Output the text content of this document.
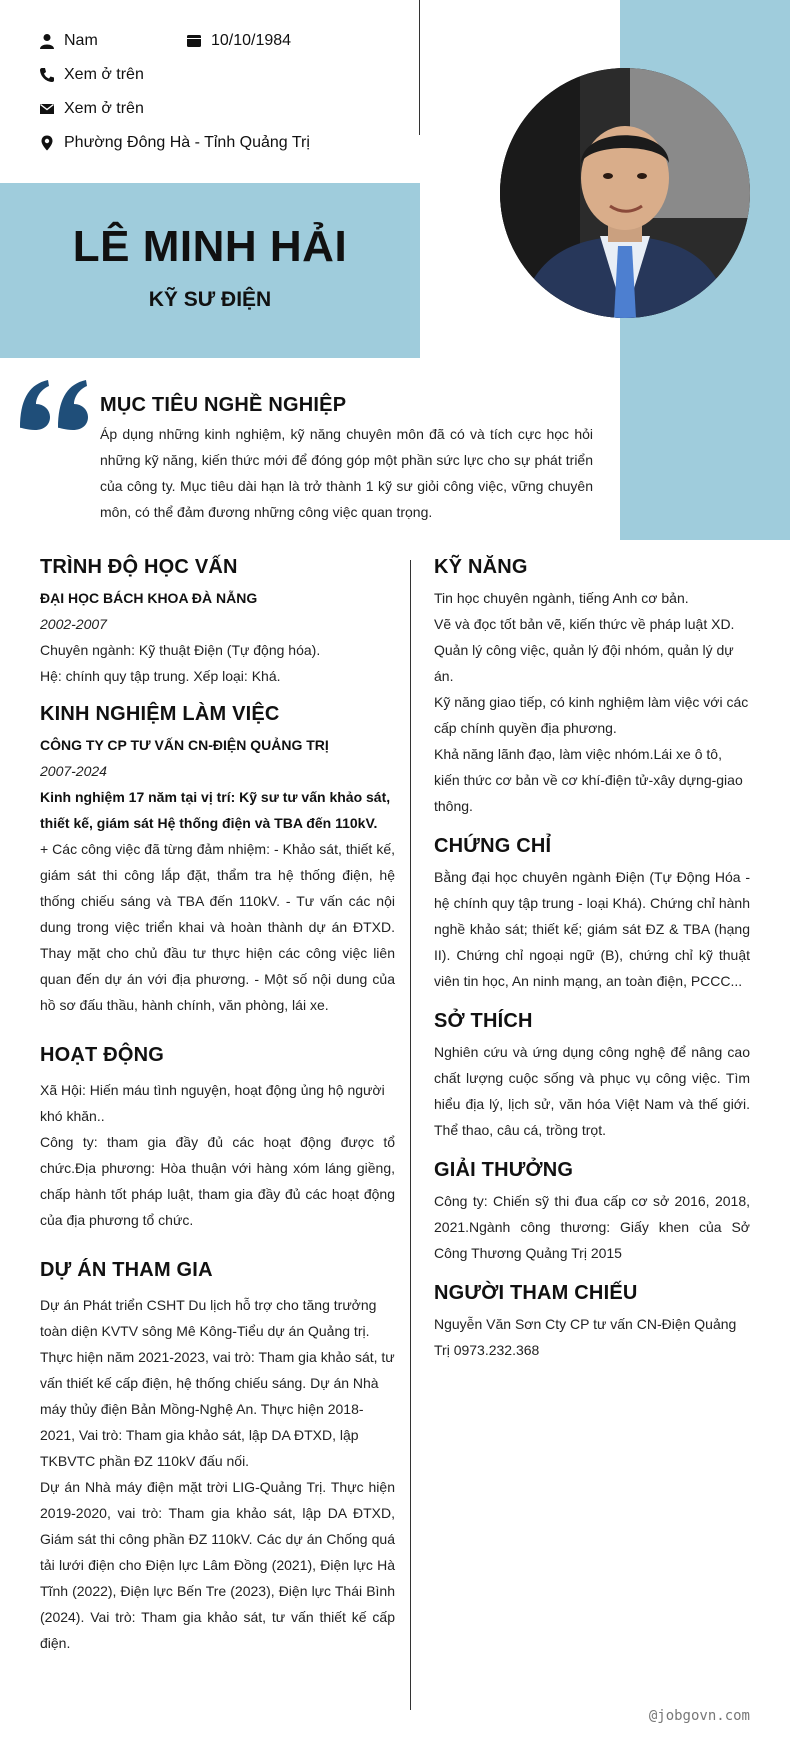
Nam	10/10/1984
Xem ở trên
Xem ở trên
Phường Đông Hà - Tỉnh Quảng Trị
LÊ MINH HẢI
KỸ SƯ ĐIỆN
MỤC TIÊU NGHỀ NGHIỆP

Áp dụng những kinh nghiệm, kỹ năng chuyên môn đã có và tích cực học hỏi những kỹ năng, kiến thức mới để đóng góp một phần sức lực cho sự phát triển của công ty. Mục tiêu dài hạn là trở thành 1 kỹ sư giỏi công việc, vững chuyên môn, có thể đảm đương những công việc quan trọng.

TRÌNH ĐỘ HỌC VẤN

ĐẠI HỌC BÁCH KHOA ĐÀ NẴNG

2002-2007

Chuyên ngành: Kỹ thuật Điện (Tự động hóa).

Hệ: chính quy tập trung. Xếp loại: Khá.

KINH NGHIỆM LÀM VIỆC

CÔNG TY CP TƯ VẤN CN-ĐIỆN QUẢNG TRỊ

2007-2024

Kinh nghiệm 17 năm tại vị trí: Kỹ sư tư vấn khảo sát, thiết kế, giám sát Hệ thống điện và TBA đến 110kV.

+ Các công việc đã từng đảm nhiệm: - Khảo sát, thiết kế, giám sát thi công lắp đặt, thẩm tra hệ thống điện, hệ thống chiếu sáng và TBA đến 110kV. - Tư vấn các nội dung trong việc triển khai và hoàn thành dự án ĐTXD. Thay mặt cho chủ đầu tư thực hiện các công việc liên quan đến dự án với địa phương. - Một số nội dung của hồ sơ đấu thầu, hành chính, văn phòng, lái xe.

HOẠT ĐỘNG

Xã Hội: Hiến máu tình nguyện, hoạt động ủng hộ người khó khăn..

Công ty: tham gia đầy đủ các hoạt động được tổ chức.Địa phương: Hòa thuận với hàng xóm láng giềng, chấp hành tốt pháp luật, tham gia đầy đủ các hoạt động của địa phương tổ chức.

DỰ ÁN THAM GIA

Dự án Phát triển CSHT Du lịch hỗ trợ cho tăng trưởng toàn diện KVTV sông Mê Kông-Tiểu dự án Quảng trị. Thực hiện năm 2021-2023, vai trò: Tham gia khảo sát, tư vấn thiết kế cấp điện, hệ thống chiếu sáng. Dự án Nhà máy thủy điện Bản Mồng-Nghệ An. Thực hiện 2018-2021, Vai trò: Tham gia khảo sát, lập DA ĐTXD, lập TKBVTC phần ĐZ 110kV đấu nối.

Dự án Nhà máy điện mặt trời LIG-Quảng Trị. Thực hiện 2019-2020, vai trò: Tham gia khảo sát, lập DA ĐTXD, Giám sát thi công phần ĐZ 110kV. Các dự án Chống quá tải lưới điện cho Điện lực Lâm Đồng (2021), Điện lực Hà Tĩnh (2022), Điện lực Bến Tre (2023), Điện lực Thái Bình (2024). Vai trò: Tham gia khảo sát, tư vấn thiết kế cấp điện.

KỸ NĂNG

Tin học chuyên ngành, tiếng Anh cơ bản.

Vẽ và đọc tốt bản vẽ, kiến thức về pháp luật XD.

Quản lý công việc, quản lý đội nhóm, quản lý dự án.

Kỹ năng giao tiếp, có kinh nghiệm làm việc với các cấp chính quyền địa phương.

Khả năng lãnh đạo, làm việc nhóm.Lái xe ô tô, kiến thức cơ bản về cơ khí-điện tử-xây dựng-giao thông.

CHỨNG CHỈ

Bằng đại học chuyên ngành Điện (Tự Động Hóa - hệ chính quy tập trung - loại Khá). Chứng chỉ hành nghề khảo sát; thiết kế; giám sát ĐZ & TBA (hạng II). Chứng chỉ ngoại ngữ (B), chứng chỉ kỹ thuật viên tin học, An ninh mạng, an toàn điện, PCCC...

SỞ THÍCH

Nghiên cứu và ứng dụng công nghệ để nâng cao chất lượng cuộc sống và phục vụ công việc. Tìm hiểu địa lý, lịch sử, văn hóa Việt Nam và thế giới. Thể thao, câu cá, trồng trọt.

GIẢI THƯỞNG

Công ty: Chiến sỹ thi đua cấp cơ sở 2016, 2018, 2021.Ngành công thương: Giấy khen của Sở Công Thương Quảng Trị 2015

NGƯỜI THAM CHIẾU

Nguyễn Văn Sơn Cty CP tư vấn CN-Điện Quảng Trị 0973.232.368

@jobgovn.com
